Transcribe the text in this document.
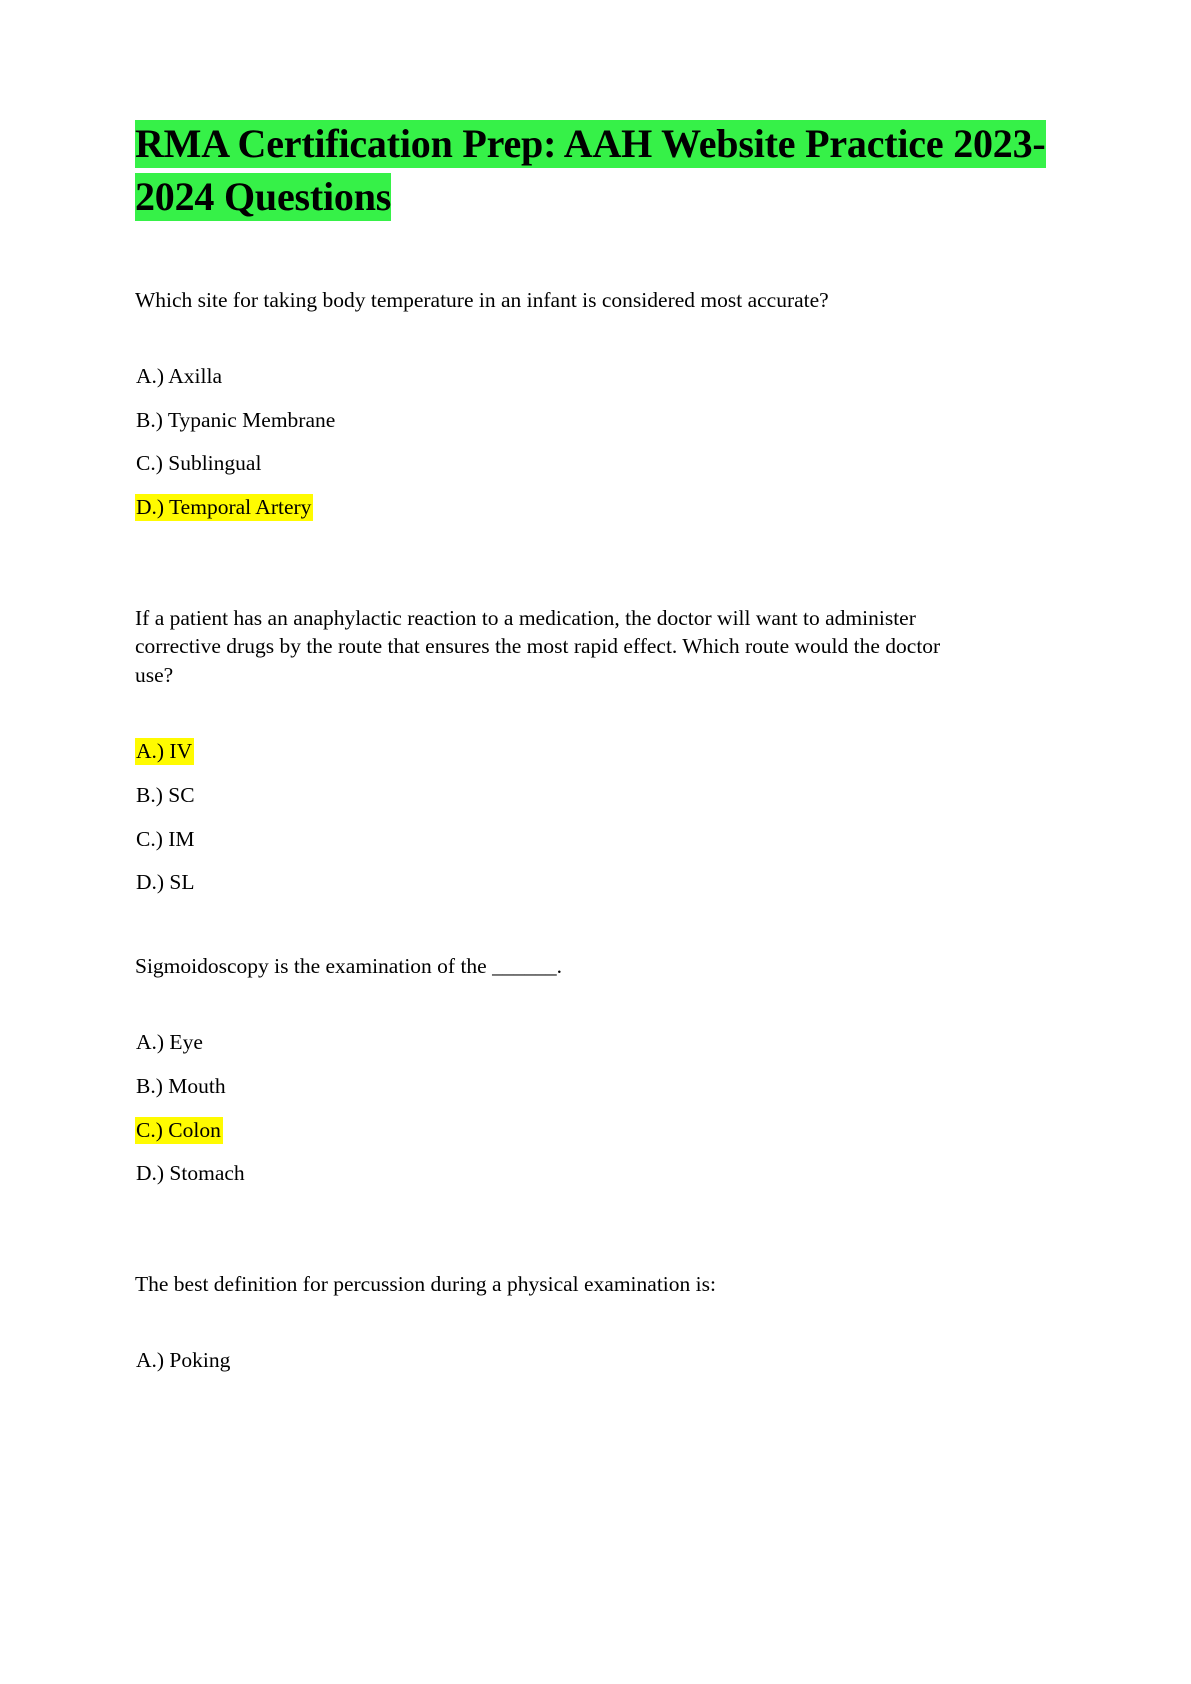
RMA Certification Prep: AAH Website Practice 2023-2024 Questions

Which site for taking body temperature in an infant is considered most accurate?

A.) Axilla

B.) Typanic Membrane

C.) Sublingual

D.) Temporal Artery

If a patient has an anaphylactic reaction to a medication, the doctor will want to administer corrective drugs by the route that ensures the most rapid effect. Which route would the doctor use?

A.) IV

B.) SC

C.) IM

D.) SL

Sigmoidoscopy is the examination of the ______.

A.) Eye

B.) Mouth

C.) Colon

D.) Stomach

The best definition for percussion during a physical examination is:

A.) Poking
